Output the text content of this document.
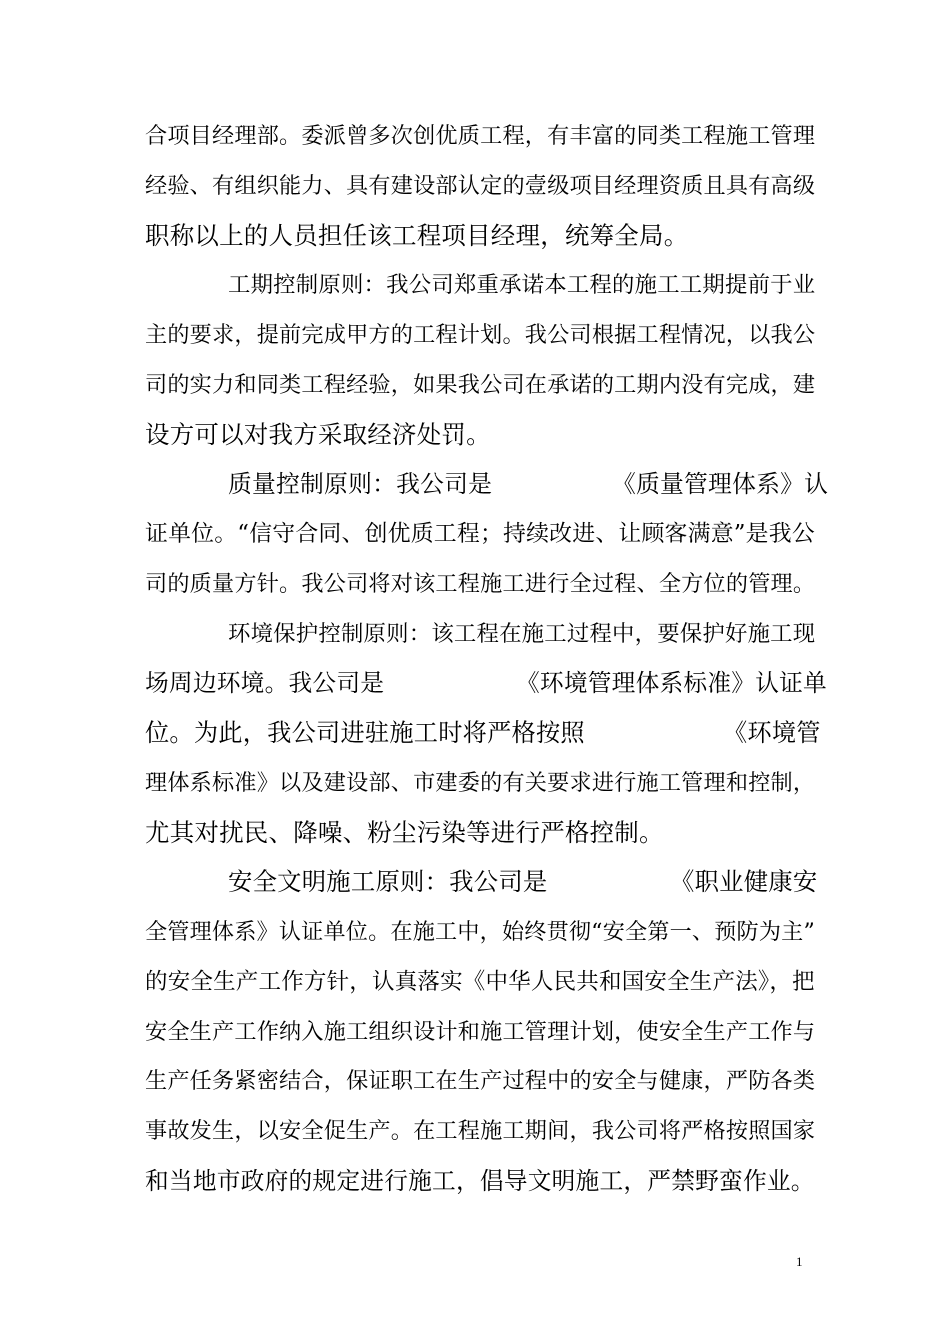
合项目经理部。委派曾多次创优质工程，有丰富的同类工程施工管理
经验、有组织能力、具有建设部认定的壹级项目经理资质且具有高级
职称以上的人员担任该工程项目经理，统筹全局。
工期控制原则：我公司郑重承诺本工程的施工工期提前于业
主的要求，提前完成甲方的工程计划。我公司根据工程情况，以我公
司的实力和同类工程经验，如果我公司在承诺的工期内没有完成，建
设方可以对我方采取经济处罚。

质量控制原则：我公司是

	《质量管理体系》认

证单位。“信守合同、创优质工程；持续改进、让顾客满意”是我公
司的质量方针。我公司将对该工程施工进行全过程、全方位的管理。
环境保护控制原则：该工程在施工过程中，要保护好施工现

场周边环境。我公司是

	《环境管理体系标准》认证单

位。为此，我公司进驻施工时将严格按照

	《环境管

理体系标准》以及建设部、市建委的有关要求进行施工管理和控制，
尤其对扰民、降噪、粉尘污染等进行严格控制。

安全文明施工原则：我公司是

	《职业健康安

全管理体系》认证单位。在施工中，始终贯彻“安全第一、预防为主”
的安全生产工作方针，认真落实《中华人民共和国安全生产法》，把
安全生产工作纳入施工组织设计和施工管理计划，使安全生产工作与
生产任务紧密结合，保证职工在生产过程中的安全与健康，严防各类
事故发生，以安全促生产。在工程施工期间，我公司将严格按照国家
和当地市政府的规定进行施工，倡导文明施工，严禁野蛮作业。
1
